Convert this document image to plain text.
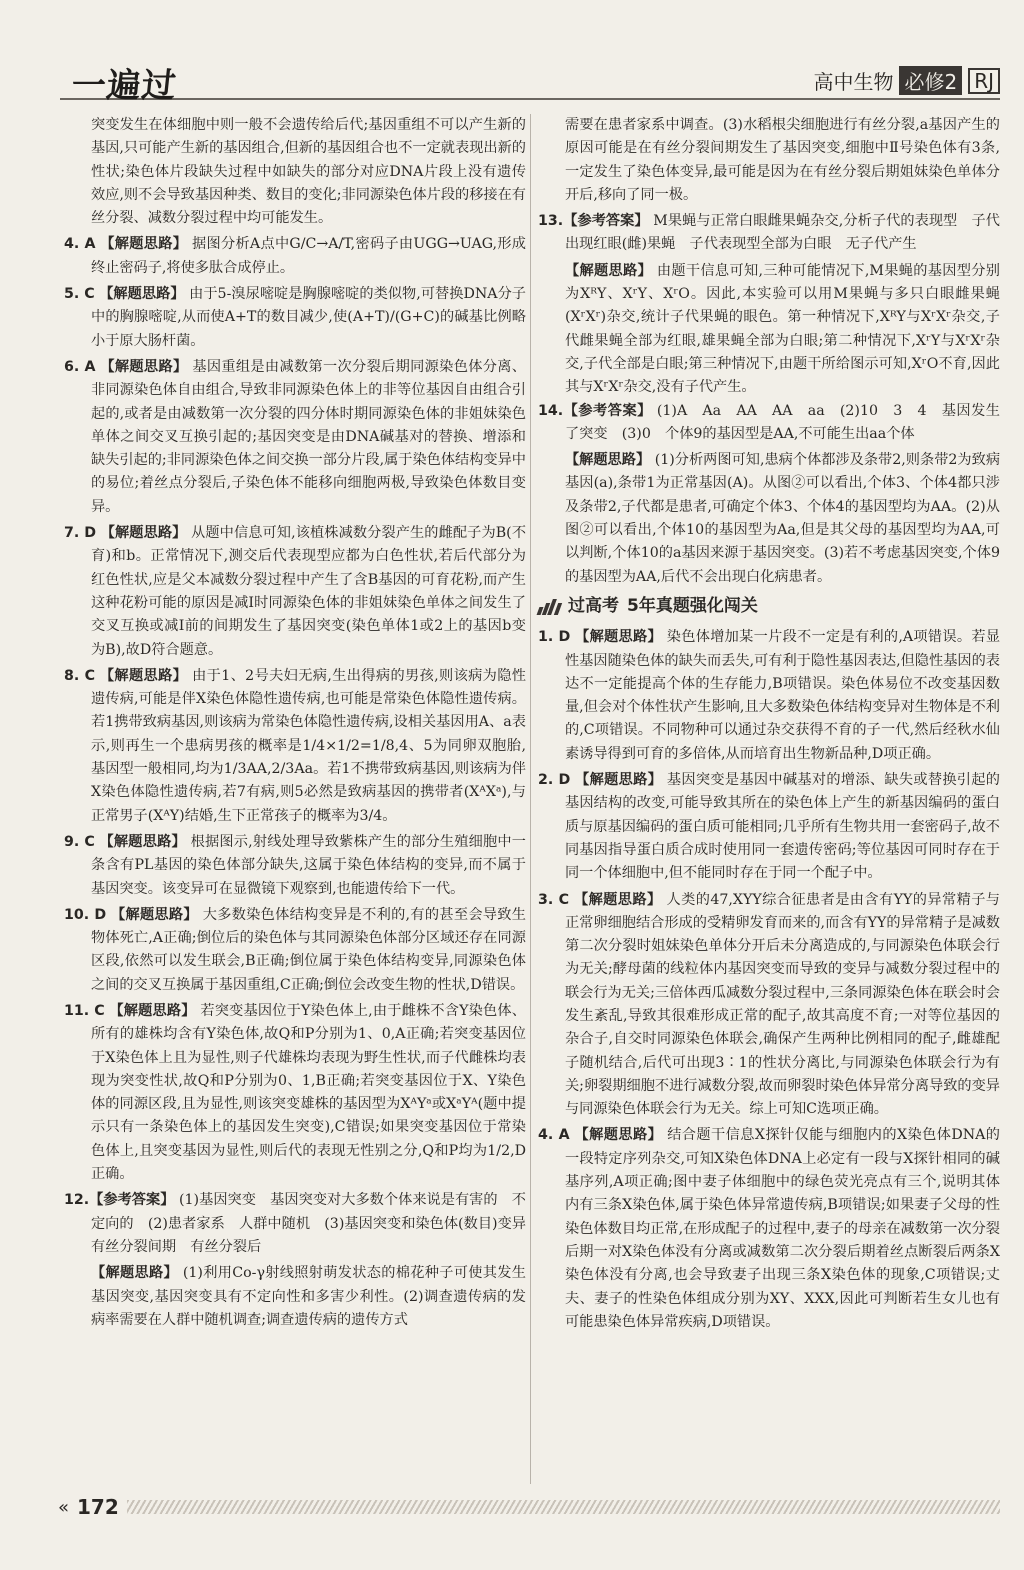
一遍过	高中生物 必修2 RJ

突变发生在体细胞中则一般不会遗传给后代;基因重组不可以产生新的基因,只可能产生新的基因组合,但新的基因组合也不一定就表现出新的性状;染色体片段缺失过程中如缺失的部分对应DNA片段上没有遗传效应,则不会导致基因种类、数目的变化;非同源染色体片段的移接在有丝分裂、减数分裂过程中均可能发生。

4. A 【解题思路】 据图分析A点中G/C→A/T,密码子由UGG→UAG,形成终止密码子,将使多肽合成停止。

5. C 【解题思路】 由于5-溴尿嘧啶是胸腺嘧啶的类似物,可替换DNA分子中的胸腺嘧啶,从而使A+T的数目减少,使(A+T)/(G+C)的碱基比例略小于原大肠杆菌。

6. A 【解题思路】 基因重组是由减数第一次分裂后期同源染色体分离、非同源染色体自由组合,导致非同源染色体上的非等位基因自由组合引起的,或者是由减数第一次分裂的四分体时期同源染色体的非姐妹染色单体之间交叉互换引起的;基因突变是由DNA碱基对的替换、增添和缺失引起的;非同源染色体之间交换一部分片段,属于染色体结构变异中的易位;着丝点分裂后,子染色体不能移向细胞两极,导致染色体数目变异。

7. D 【解题思路】 从题中信息可知,该植株减数分裂产生的雌配子为B(不育)和b。正常情况下,测交后代表现型应都为白色性状,若后代部分为红色性状,应是父本减数分裂过程中产生了含B基因的可育花粉,而产生这种花粉可能的原因是减Ⅰ时同源染色体的非姐妹染色单体之间发生了交叉互换或减Ⅰ前的间期发生了基因突变(染色单体1或2上的基因b变为B),故D符合题意。

8. C 【解题思路】 由于1、2号夫妇无病,生出得病的男孩,则该病为隐性遗传病,可能是伴X染色体隐性遗传病,也可能是常染色体隐性遗传病。若1携带致病基因,则该病为常染色体隐性遗传病,设相关基因用A、a表示,则再生一个患病男孩的概率是1/4×1/2=1/8,4、5为同卵双胞胎,基因型一般相同,均为1/3AA,2/3Aa。若1不携带致病基因,则该病为伴X染色体隐性遗传病,若7有病,则5必然是致病基因的携带者(XᴬXᵃ),与正常男子(XᴬY)结婚,生下正常孩子的概率为3/4。

9. C 【解题思路】 根据图示,射线处理导致紫株产生的部分生殖细胞中一条含有PL基因的染色体部分缺失,这属于染色体结构的变异,而不属于基因突变。该变异可在显微镜下观察到,也能遗传给下一代。

10. D 【解题思路】 大多数染色体结构变异是不利的,有的甚至会导致生物体死亡,A正确;倒位后的染色体与其同源染色体部分区域还存在同源区段,依然可以发生联会,B正确;倒位属于染色体结构变异,同源染色体之间的交叉互换属于基因重组,C正确;倒位会改变生物的性状,D错误。

11. C 【解题思路】 若突变基因位于Y染色体上,由于雌株不含Y染色体、所有的雄株均含有Y染色体,故Q和P分别为1、0,A正确;若突变基因位于X染色体上且为显性,则子代雄株均表现为野生性状,而子代雌株均表现为突变性状,故Q和P分别为0、1,B正确;若突变基因位于X、Y染色体的同源区段,且为显性,则该突变雄株的基因型为XᴬYᵃ或XᵃYᴬ(题中提示只有一条染色体上的基因发生突变),C错误;如果突变基因位于常染色体上,且突变基因为显性,则后代的表现无性别之分,Q和P均为1/2,D正确。

12.【参考答案】 (1)基因突变　基因突变对大多数个体来说是有害的　不定向的　(2)患者家系　人群中随机　(3)基因突变和染色体(数目)变异　有丝分裂间期　有丝分裂后

【解题思路】 (1)利用Co-γ射线照射萌发状态的棉花种子可使其发生基因突变,基因突变具有不定向性和多害少利性。(2)调查遗传病的发病率需要在人群中随机调查;调查遗传病的遗传方式

需要在患者家系中调查。(3)水稻根尖细胞进行有丝分裂,a基因产生的原因可能是在有丝分裂间期发生了基因突变,细胞中Ⅱ号染色体有3条,一定发生了染色体变异,最可能是因为在有丝分裂后期姐妹染色单体分开后,移向了同一极。

13.【参考答案】 M果蝇与正常白眼雌果蝇杂交,分析子代的表现型　子代出现红眼(雌)果蝇　子代表现型全部为白眼　无子代产生

【解题思路】 由题干信息可知,三种可能情况下,M果蝇的基因型分别为XᴿY、XʳY、XʳO。因此,本实验可以用M果蝇与多只白眼雌果蝇(XʳXʳ)杂交,统计子代果蝇的眼色。第一种情况下,XᴿY与XʳXʳ杂交,子代雌果蝇全部为红眼,雄果蝇全部为白眼;第二种情况下,XʳY与XʳXʳ杂交,子代全部是白眼;第三种情况下,由题干所给图示可知,XʳO不育,因此其与XʳXʳ杂交,没有子代产生。

14.【参考答案】 (1)A　Aa　AA　AA　aa　(2)10　3　4　基因发生了突变　(3)0　个体9的基因型是AA,不可能生出aa个体

【解题思路】 (1)分析两图可知,患病个体都涉及条带2,则条带2为致病基因(a),条带1为正常基因(A)。从图②可以看出,个体3、个体4都只涉及条带2,子代都是患者,可确定个体3、个体4的基因型均为AA。(2)从图②可以看出,个体10的基因型为Aa,但是其父母的基因型均为AA,可以判断,个体10的a基因来源于基因突变。(3)若不考虑基因突变,个体9的基因型为AA,后代不会出现白化病患者。

过高考 5年真题强化闯关

1. D 【解题思路】 染色体增加某一片段不一定是有利的,A项错误。若显性基因随染色体的缺失而丢失,可有利于隐性基因表达,但隐性基因的表达不一定能提高个体的生存能力,B项错误。染色体易位不改变基因数量,但会对个体性状产生影响,且大多数染色体结构变异对生物体是不利的,C项错误。不同物种可以通过杂交获得不育的子一代,然后经秋水仙素诱导得到可育的多倍体,从而培育出生物新品种,D项正确。

2. D 【解题思路】 基因突变是基因中碱基对的增添、缺失或替换引起的基因结构的改变,可能导致其所在的染色体上产生的新基因编码的蛋白质与原基因编码的蛋白质可能相同;几乎所有生物共用一套密码子,故不同基因指导蛋白质合成时使用同一套遗传密码;等位基因可同时存在于同一个体细胞中,但不能同时存在于同一个配子中。

3. C 【解题思路】 人类的47,XYY综合征患者是由含有YY的异常精子与正常卵细胞结合形成的受精卵发育而来的,而含有YY的异常精子是减数第二次分裂时姐妹染色单体分开后未分离造成的,与同源染色体联会行为无关;酵母菌的线粒体内基因突变而导致的变异与减数分裂过程中的联会行为无关;三倍体西瓜减数分裂过程中,三条同源染色体在联会时会发生紊乱,导致其很难形成正常的配子,故其高度不育;一对等位基因的杂合子,自交时同源染色体联会,确保产生两种比例相同的配子,雌雄配子随机结合,后代可出现3∶1的性状分离比,与同源染色体联会行为有关;卵裂期细胞不进行减数分裂,故而卵裂时染色体异常分离导致的变异与同源染色体联会行为无关。综上可知C选项正确。

4. A 【解题思路】 结合题干信息X探针仅能与细胞内的X染色体DNA的一段特定序列杂交,可知X染色体DNA上必定有一段与X探针相同的碱基序列,A项正确;图中妻子体细胞中的绿色荧光亮点有三个,说明其体内有三条X染色体,属于染色体异常遗传病,B项错误;如果妻子父母的性染色体数目均正常,在形成配子的过程中,妻子的母亲在减数第一次分裂后期一对X染色体没有分离或减数第二次分裂后期着丝点断裂后两条X染色体没有分离,也会导致妻子出现三条X染色体的现象,C项错误;丈夫、妻子的性染色体组成分别为XY、XXX,因此可判断若生女儿也有可能患染色体异常疾病,D项错误。

« 172
